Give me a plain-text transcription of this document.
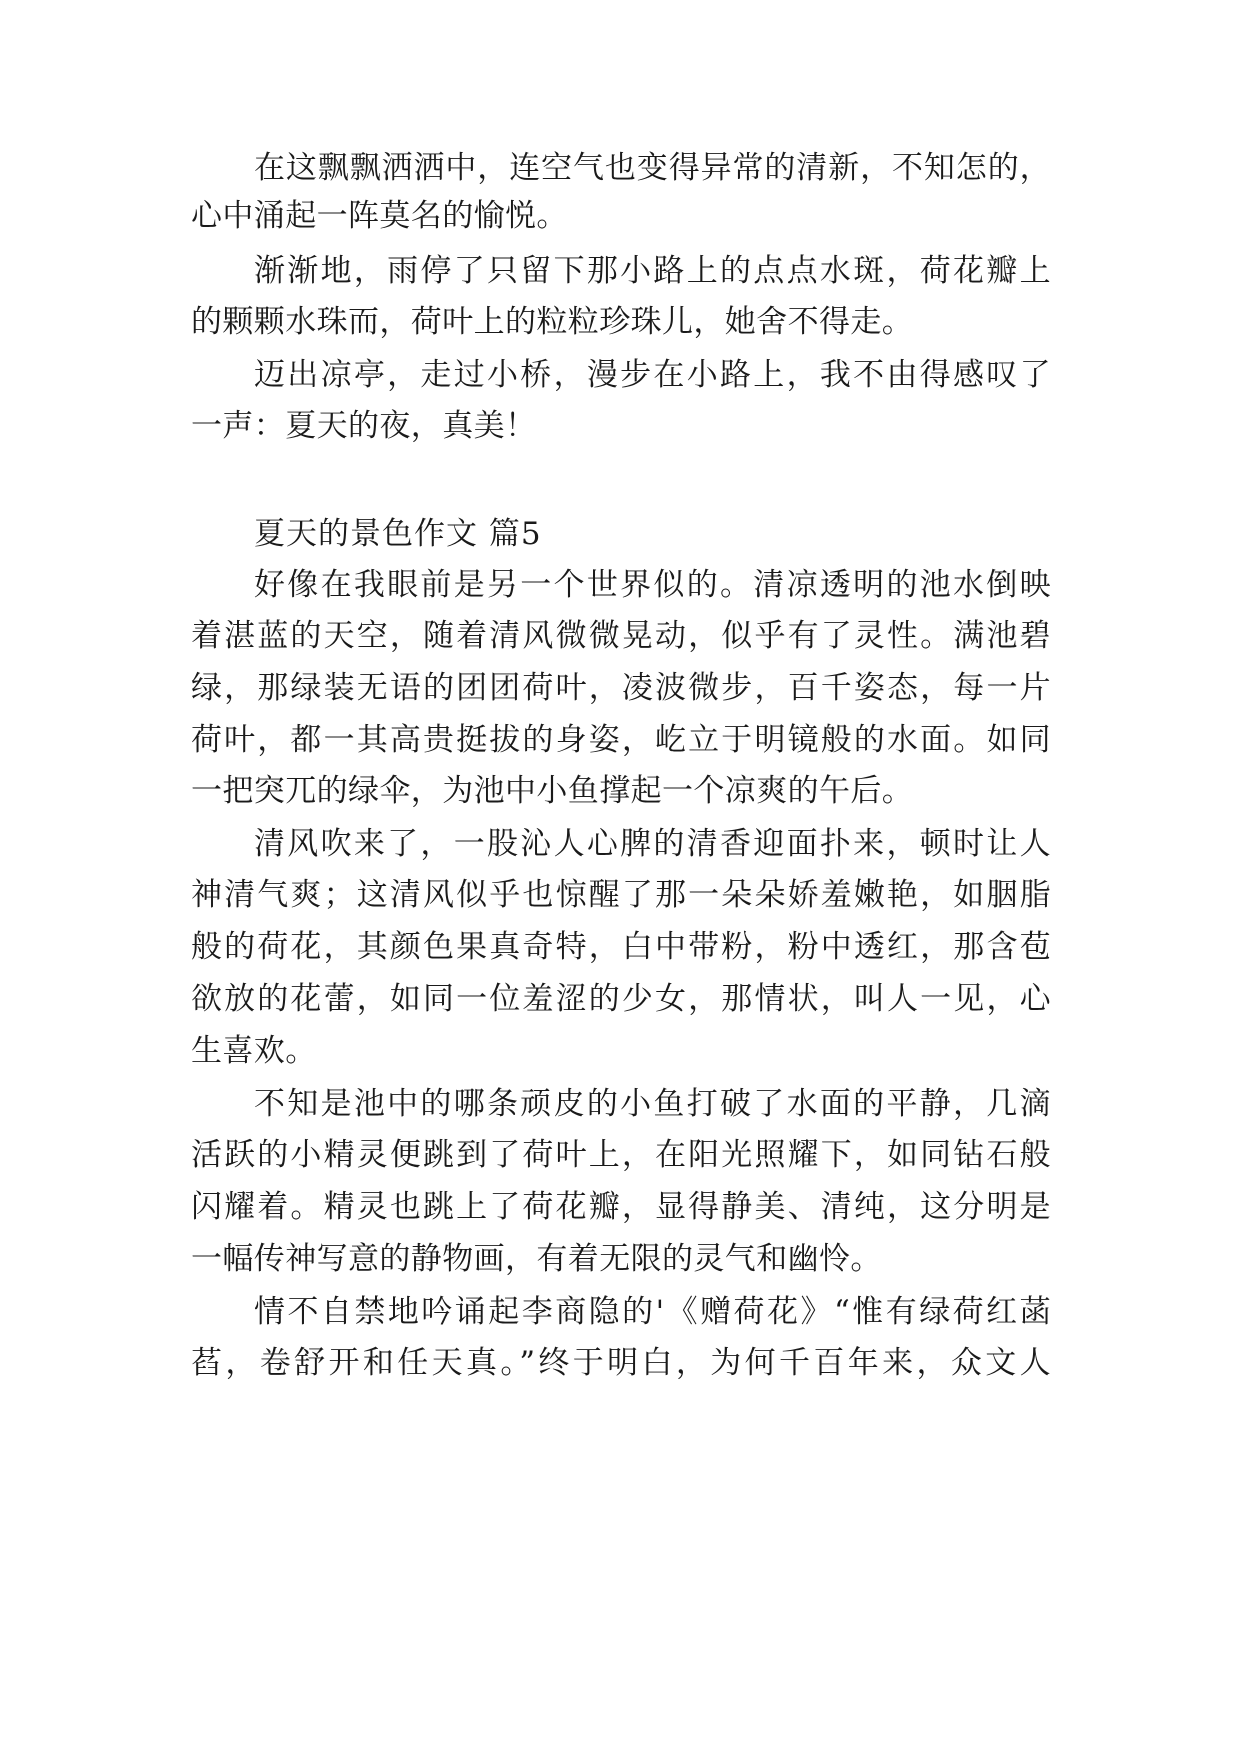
在这飘飘洒洒中，连空气也变得异常的清新，不知怎的，
心中涌起一阵莫名的愉悦。
渐渐地，雨停了只留下那小路上的点点水斑，荷花瓣上
的颗颗水珠而，荷叶上的粒粒珍珠儿，她舍不得走。
迈出凉亭，走过小桥，漫步在小路上，我不由得感叹了
一声：夏天的夜，真美！
夏天的景色作文 篇5
好像在我眼前是另一个世界似的。清凉透明的池水倒映
着湛蓝的天空，随着清风微微晃动，似乎有了灵性。满池碧
绿，那绿装无语的团团荷叶，凌波微步，百千姿态，每一片
荷叶，都一其高贵挺拔的身姿，屹立于明镜般的水面。如同
一把突兀的绿伞，为池中小鱼撑起一个凉爽的午后。
清风吹来了，一股沁人心脾的清香迎面扑来，顿时让人
神清气爽；这清风似乎也惊醒了那一朵朵娇羞嫩艳，如胭脂
般的荷花，其颜色果真奇特，白中带粉，粉中透红，那含苞
欲放的花蕾，如同一位羞涩的少女，那情状，叫人一见，心
生喜欢。
不知是池中的哪条顽皮的小鱼打破了水面的平静，几滴
活跃的小精灵便跳到了荷叶上，在阳光照耀下，如同钻石般
闪耀着。精灵也跳上了荷花瓣，显得静美、清纯，这分明是
一幅传神写意的静物画，有着无限的灵气和幽怜。
情不自禁地吟诵起李商隐的'《赠荷花》“惟有绿荷红菡
萏，卷舒开和任天真。”终于明白，为何千百年来，众文人
